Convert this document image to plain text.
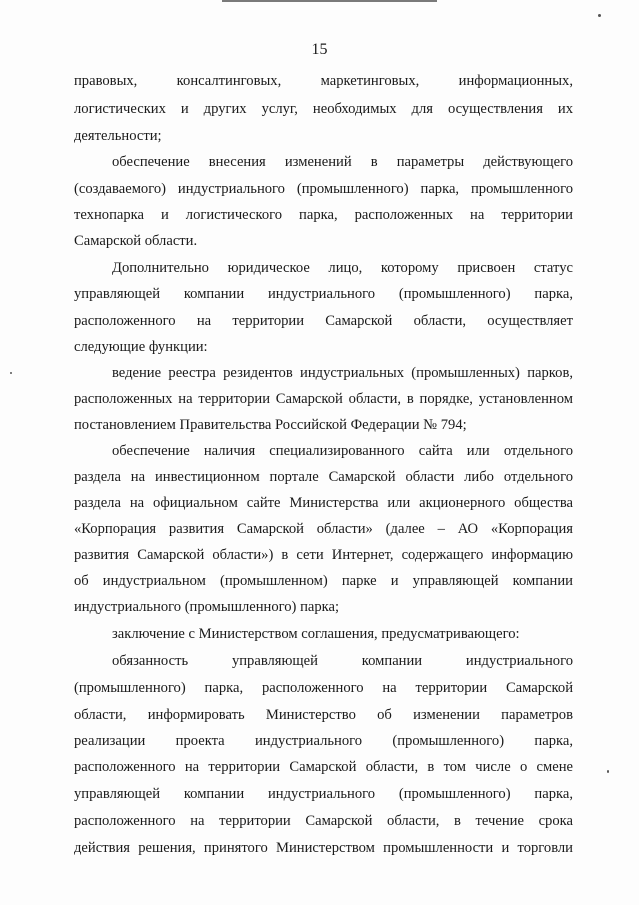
15
правовых, консалтинговых, маркетинговых, информационных,
логистических и других услуг, необходимых для осуществления их
деятельности;
обеспечение внесения изменений в параметры действующего
(создаваемого) индустриального (промышленного) парка, промышленного
технопарка и логистического парка, расположенных на территории
Самарской области.
Дополнительно юридическое лицо, которому присвоен статус
управляющей компании индустриального (промышленного) парка,
расположенного на территории Самарской области, осуществляет
следующие функции:
ведение реестра резидентов индустриальных (промышленных) парков,
расположенных на территории Самарской области, в порядке, установленном
постановлением Правительства Российской Федерации № 794;
обеспечение наличия специализированного сайта или отдельного
раздела на инвестиционном портале Самарской области либо отдельного
раздела на официальном сайте Министерства или акционерного общества
«Корпорация развития Самарской области» (далее – АО «Корпорация
развития Самарской области») в сети Интернет, содержащего информацию
об индустриальном (промышленном) парке и управляющей компании
индустриального (промышленного) парка;
заключение с Министерством соглашения, предусматривающего:
обязанность управляющей компании индустриального
(промышленного) парка, расположенного на территории Самарской
области, информировать Министерство об изменении параметров
реализации проекта индустриального (промышленного) парка,
расположенного на территории Самарской области, в том числе о смене
управляющей компании индустриального (промышленного) парка,
расположенного на территории Самарской области, в течение срока
действия решения, принятого Министерством промышленности и торговли
